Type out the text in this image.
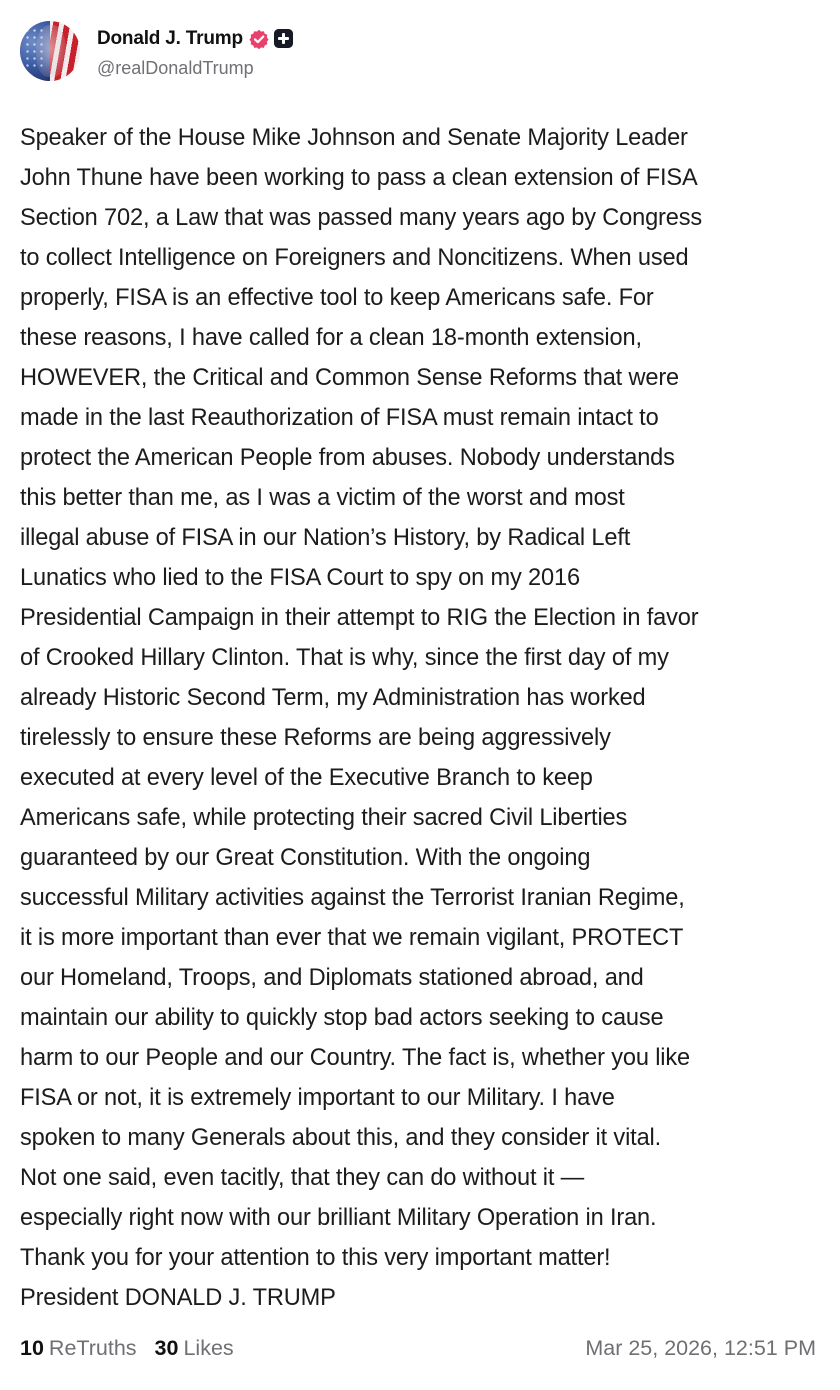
Donald J. Trump
@realDonaldTrump
Speaker of the House Mike Johnson and Senate Majority Leader
John Thune have been working to pass a clean extension of FISA
Section 702, a Law that was passed many years ago by Congress
to collect Intelligence on Foreigners and Noncitizens. When used
properly, FISA is an effective tool to keep Americans safe. For
these reasons, I have called for a clean 18-month extension,
HOWEVER, the Critical and Common Sense Reforms that were
made in the last Reauthorization of FISA must remain intact to
protect the American People from abuses. Nobody understands
this better than me, as I was a victim of the worst and most
illegal abuse of FISA in our Nation’s History, by Radical Left
Lunatics who lied to the FISA Court to spy on my 2016
Presidential Campaign in their attempt to RIG the Election in favor
of Crooked Hillary Clinton. That is why, since the first day of my
already Historic Second Term, my Administration has worked
tirelessly to ensure these Reforms are being aggressively
executed at every level of the Executive Branch to keep
Americans safe, while protecting their sacred Civil Liberties
guaranteed by our Great Constitution. With the ongoing
successful Military activities against the Terrorist Iranian Regime,
it is more important than ever that we remain vigilant, PROTECT
our Homeland, Troops, and Diplomats stationed abroad, and
maintain our ability to quickly stop bad actors seeking to cause
harm to our People and our Country. The fact is, whether you like
FISA or not, it is extremely important to our Military. I have
spoken to many Generals about this, and they consider it vital.
Not one said, even tacitly, that they can do without it —
especially right now with our brilliant Military Operation in Iran.
Thank you for your attention to this very important matter!
President DONALD J. TRUMP
10 ReTruths 30 Likes	Mar 25, 2026, 12:51 PM
